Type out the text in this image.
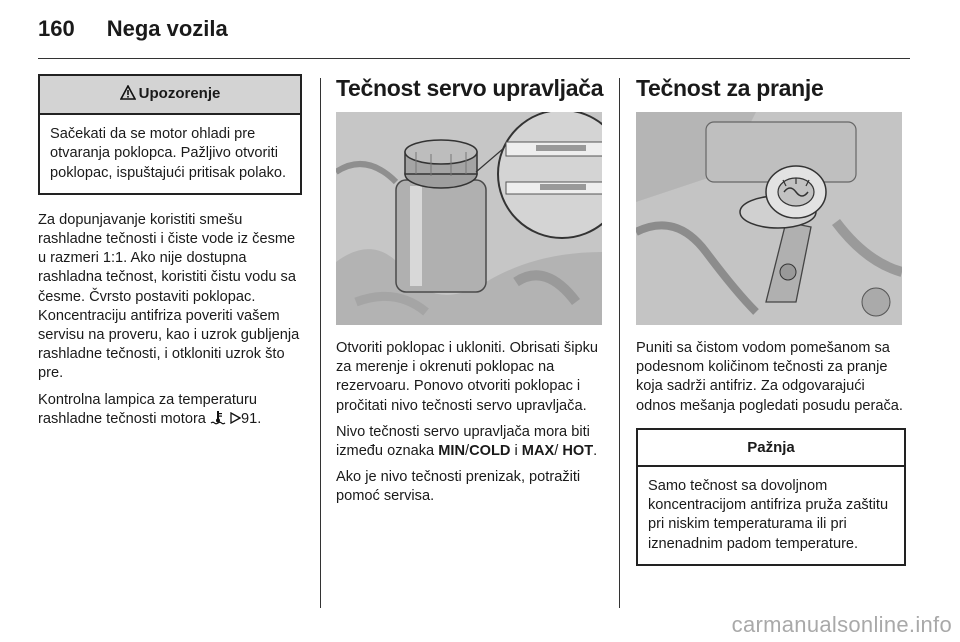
160 Nega vozila
Upozorenje
Sačekati da se motor ohladi pre otvaranja poklopca. Pažljivo otvoriti poklopac, ispuštajući pritisak polako.

Za dopunjavanje koristiti smešu rashladne tečnosti i čiste vode iz česme u razmeri 1:1. Ako nije dostupna rashladna tečnost, koristiti čistu vodu sa česme. Čvrsto postaviti poklopac. Koncentraciju antifriza poveriti vašem servisu na proveru, kao i uzrok gubljenja rashladne tečnosti, i otkloniti uzrok što pre.

Kontrolna lampica za temperaturu rashladne tečnosti motora 91.

Tečnost servo upravljača

Otvoriti poklopac i ukloniti. Obrisati šipku za merenje i okrenuti poklopac na rezervoaru. Ponovo otvoriti poklopac i pročitati nivo tečnosti servo upravljača.

Nivo tečnosti servo upravljača mora biti između oznaka MIN/COLD i MAX/ HOT.

Ako je nivo tečnosti prenizak, potražiti pomoć servisa.

Tečnost za pranje

Puniti sa čistom vodom pomešanom sa podesnom količinom tečnosti za pranje koja sadrži antifriz. Za odgovarajući odnos mešanja pogledati posudu perača.

Pažnja
Samo tečnost sa dovoljnom koncentracijom antifriza pruža zaštitu pri niskim temperaturama ili pri iznenadnim padom temperature.
carmanualsonline.info
